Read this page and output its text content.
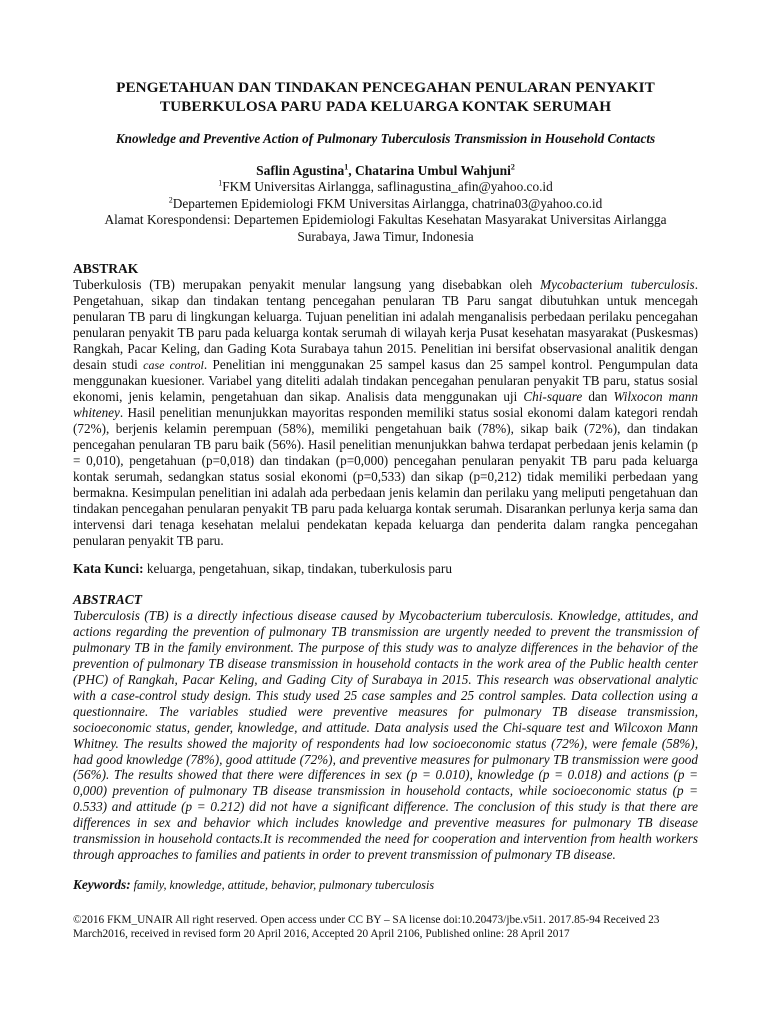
PENGETAHUAN DAN TINDAKAN PENCEGAHAN PENULARAN PENYAKIT
TUBERKULOSA PARU PADA KELUARGA KONTAK SERUMAH
Knowledge and Preventive Action of Pulmonary Tuberculosis Transmission in Household Contacts
Saflin Agustina$^1$, Chatarina Umbul Wahjuni$^2$
$^1$FKM Universitas Airlangga, saflinagustina_afin@yahoo.co.id
$^2$Departemen Epidemiologi FKM Universitas Airlangga, chatrina03@yahoo.co.id
Alamat Korespondensi: Departemen Epidemiologi Fakultas Kesehatan Masyarakat Universitas Airlangga Surabaya, Jawa Timur, Indonesia
ABSTRAK
Tuberkulosis (TB) merupakan penyakit menular langsung yang disebabkan oleh Mycobacterium tuberculosis. Pengetahuan, sikap dan tindakan tentang pencegahan penularan TB Paru sangat dibutuhkan untuk mencegah penularan TB paru di lingkungan keluarga. Tujuan penelitian ini adalah menganalisis perbedaan perilaku pencegahan penularan penyakit TB paru pada keluarga kontak serumah di wilayah kerja Pusat kesehatan masyarakat (Puskesmas) Rangkah, Pacar Keling, dan Gading Kota Surabaya tahun 2015. Penelitian ini bersifat observasional analitik dengan desain studi case control. Penelitian ini menggunakan 25 sampel kasus dan 25 sampel kontrol. Pengumpulan data menggunakan kuesioner. Variabel yang diteliti adalah tindakan pencegahan penularan penyakit TB paru, status sosial ekonomi, jenis kelamin, pengetahuan dan sikap. Analisis data menggunakan uji Chi-square dan Wilxocon mann whiteney. Hasil penelitian menunjukkan mayoritas responden memiliki status sosial ekonomi dalam kategori rendah (72%), berjenis kelamin perempuan (58%), memiliki pengetahuan baik (78%), sikap baik (72%), dan tindakan pencegahan penularan TB paru baik (56%). Hasil penelitian menunjukkan bahwa terdapat perbedaan jenis kelamin (p = 0,010), pengetahuan (p=0,018) dan tindakan (p=0,000) pencegahan penularan penyakit TB paru pada keluarga kontak serumah, sedangkan status sosial ekonomi (p=0,533) dan sikap (p=0,212) tidak memiliki perbedaan yang bermakna. Kesimpulan penelitian ini adalah ada perbedaan jenis kelamin dan perilaku yang meliputi pengetahuan dan tindakan pencegahan penularan penyakit TB paru pada keluarga kontak serumah. Disarankan perlunya kerja sama dan intervensi dari tenaga kesehatan melalui pendekatan kepada keluarga dan penderita dalam rangka pencegahan penularan penyakit TB paru.
Kata Kunci: keluarga, pengetahuan, sikap, tindakan, tuberkulosis paru
ABSTRACT
Tuberculosis (TB) is a directly infectious disease caused by Mycobacterium tuberculosis. Knowledge, attitudes, and actions regarding the prevention of pulmonary TB transmission are urgently needed to prevent the transmission of pulmonary TB in the family environment. The purpose of this study was to analyze differences in the behavior of the prevention of pulmonary TB disease transmission in household contacts in the work area of the Public health center (PHC) of Rangkah, Pacar Keling, and Gading City of Surabaya in 2015. This research was observational analytic with a case-control study design. This study used 25 case samples and 25 control samples. Data collection using a questionnaire. The variables studied were preventive measures for pulmonary TB disease transmission, socioeconomic status, gender, knowledge, and attitude. Data analysis used the Chi-square test and Wilcoxon Mann Whitney. The results showed the majority of respondents had low socioeconomic status (72%), were female (58%), had good knowledge (78%), good attitude (72%), and preventive measures for pulmonary TB transmission were good (56%). The results showed that there were differences in sex (p = 0.010), knowledge (p = 0.018) and actions (p = 0,000) prevention of pulmonary TB disease transmission in household contacts, while socioeconomic status (p = 0.533) and attitude (p = 0.212) did not have a significant difference. The conclusion of this study is that there are differences in sex and behavior which includes knowledge and preventive measures for pulmonary TB disease transmission in household contacts.It is recommended the need for cooperation and intervention from health workers through approaches to families and patients in order to prevent transmission of pulmonary TB disease.
Keywords: family, knowledge, attitude, behavior, pulmonary tuberculosis
©2016 FKM_UNAIR All right reserved. Open access under CC BY – SA license doi:10.20473/jbe.v5i1. 2017.85-94 Received 23
March2016, received in revised form 20 April 2016, Accepted 20 April 2106, Published online: 28 April 2017
